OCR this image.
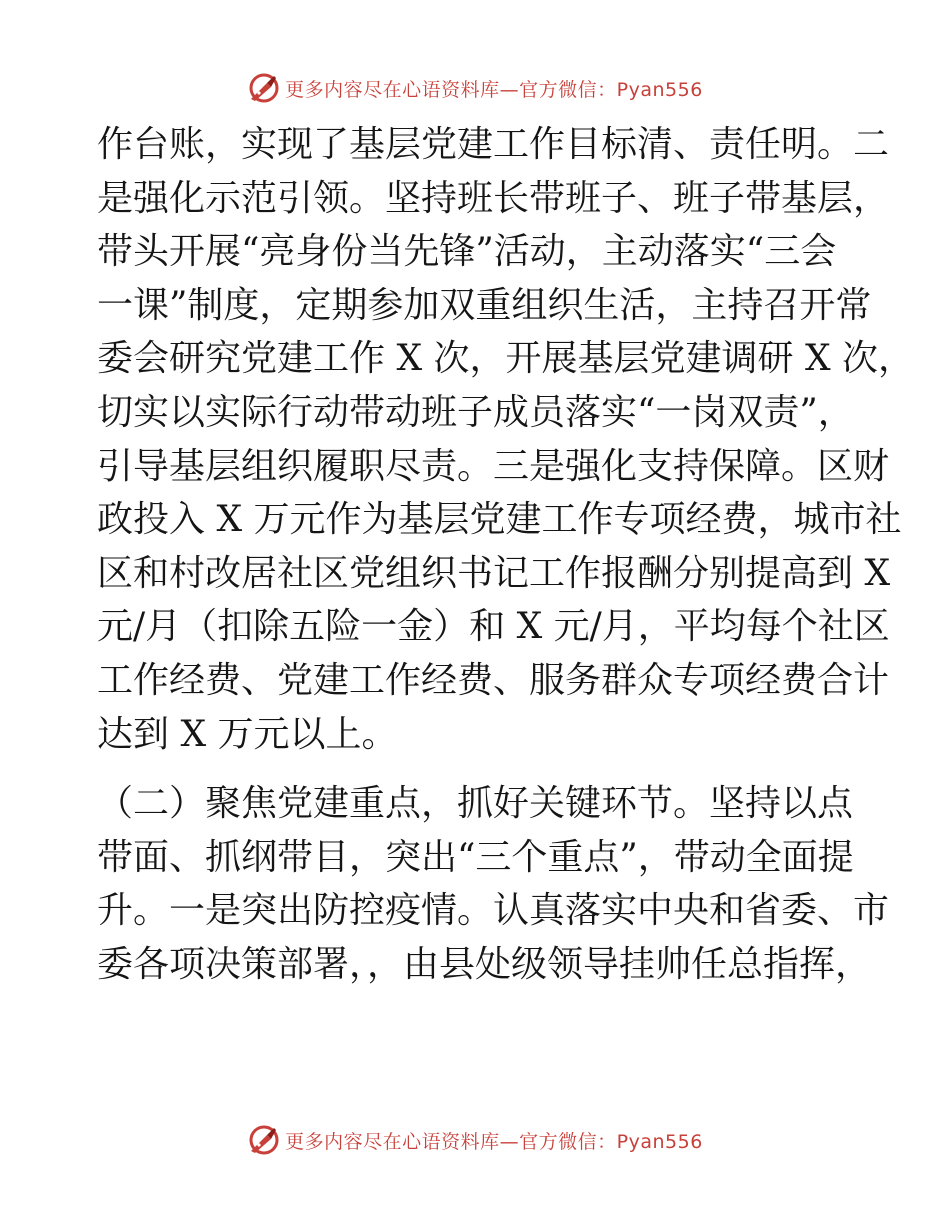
更多内容尽在心语资料库—官方微信：Pyan556
作台账，实现了基层党建工作目标清、责任明。二
是强化示范引领。坚持班长带班子、班子带基层，
带头开展“亮身份当先锋”活动，主动落实“三会
一课”制度，定期参加双重组织生活，主持召开常
委会研究党建工作 X 次，开展基层党建调研 X 次，
切实以实际行动带动班子成员落实“一岗双责”，
引导基层组织履职尽责。三是强化支持保障。区财
政投入 X 万元作为基层党建工作专项经费，城市社
区和村改居社区党组织书记工作报酬分别提高到 X
元/月（扣除五险一金）和 X 元/月，平均每个社区
工作经费、党建工作经费、服务群众专项经费合计
达到 X 万元以上。
（二）聚焦党建重点，抓好关键环节。坚持以点
带面、抓纲带目，突出“三个重点”，带动全面提
升。一是突出防控疫情。认真落实中央和省委、市
委各项决策部署，，由县处级领导挂帅任总指挥，
更多内容尽在心语资料库—官方微信：Pyan556
